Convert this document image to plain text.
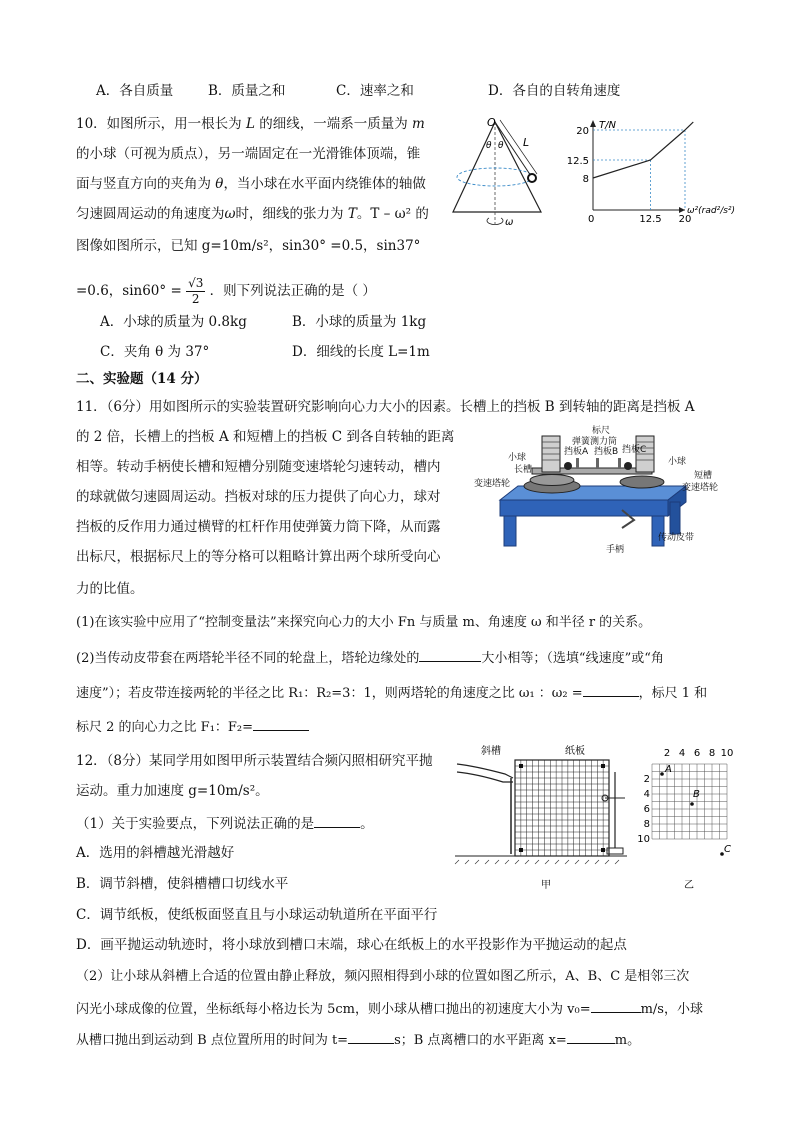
A．各自质量	B．质量之和	C．速率之和	D．各自的自转角速度
10．如图所示，用一根长为 L 的细线，一端系一质量为 m
的小球（可视为质点），另一端固定在一光滑锥体顶端，锥
面与竖直方向的夹角为 θ，当小球在水平面内绕锥体的轴做
匀速圆周运动的角速度为ω时，细线的张力为 T。T – ω² 的
图像如图所示，已知 g=10m/s²，sin30° =0.5，sin37°
=0.6，$\sin 60^\circ = \frac{√3}{2}$ ．则下列说法正确的是（ ）
A．小球的质量为 0.8kg	B．小球的质量为 1kg
C．夹角 θ 为 37°	D．细线的长度 L=1m
O
θ θ L
ω
T/N
20
12.5
8
0	12.5 20
ω²(rad²/s²)
二、实验题（14 分）
11．（6分）用如图所示的实验装置研究影响向心力大小的因素。长槽上的挡板 B 到转轴的距离是挡板 A
的 2 倍，长槽上的挡板 A 和短槽上的挡板 C 到各自转轴的距离
相等。转动手柄使长槽和短槽分别随变速塔轮匀速转动，槽内
的球就做匀速圆周运动。挡板对球的压力提供了向心力，球对
挡板的反作用力通过横臂的杠杆作用使弹簧力筒下降，从而露
出标尺，根据标尺上的等分格可以粗略计算出两个球所受向心
力的比值。
(1)在该实验中应用了“控制变量法”来探究向心力的大小 Fn 与质量 m、角速度 ω 和半径 r 的关系。
(2)当传动皮带套在两塔轮半径不同的轮盘上，塔轮边缘处的	大小相等；（选填“线速度”或“角
速度”）；若皮带连接两轮的半径之比 R₁：R₂=3：1，则两塔轮的角速度之比 ω₁ ：ω₂ =	，标尺 1 和
标尺 2 的向心力之比 F₁：F₂=
标尺
弹簧测力筒
小球
挡板A 挡板B 挡板C
小球
长槽
短槽
变速塔轮	变速塔轮
手柄
传动皮带
12．（8分）某同学用如图甲所示装置结合频闪照相研究平抛
运动。重力加速度 g=10m/s²。
（1）关于实验要点，下列说法正确的是	。
A．选用的斜槽越光滑越好
B．调节斜槽，使斜槽槽口切线水平
C．调节纸板，使纸板面竖直且与小球运动轨道所在平面平行
D．画平抛运动轨迹时，将小球放到槽口末端，球心在纸板上的水平投影作为平抛运动的起点
（2）让小球从斜槽上合适的位置由静止释放，频闪照相得到小球的位置如图乙所示，A、B、C 是相邻三次
闪光小球成像的位置，坐标纸每小格边长为 5cm，则小球从槽口抛出的初速度大小为 v₀=	m/s，小球
从槽口抛出到运动到 B 点位置所用的时间为 t=	s；B 点离槽口的水平距离 x=	m。
斜槽	纸板
甲
2 4 6 8 10
2
4
6
8
10
A
B
C
乙
